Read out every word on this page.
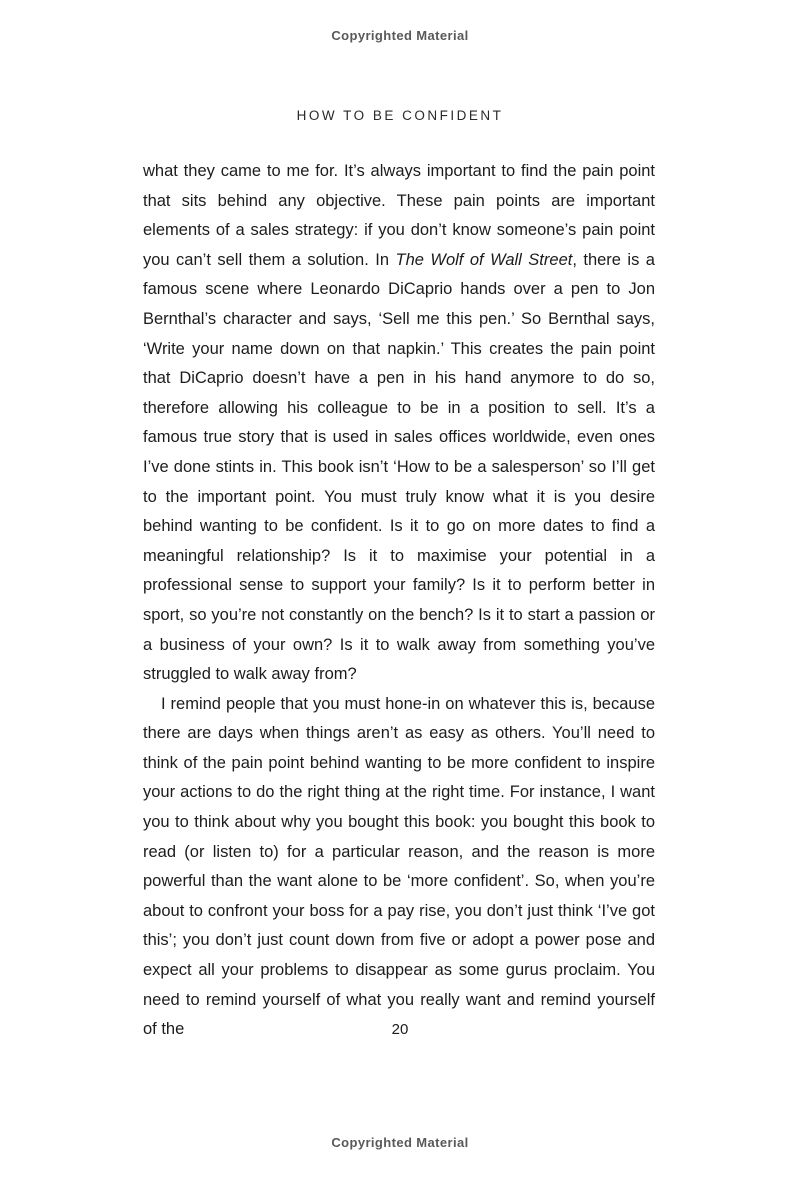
Copyrighted Material
HOW TO BE CONFIDENT

what they came to me for. It’s always important to find the pain point that sits behind any objective. These pain points are important elements of a sales strategy: if you don’t know someone’s pain point you can’t sell them a solution. In The Wolf of Wall Street, there is a famous scene where Leonardo DiCaprio hands over a pen to Jon Bernthal’s character and says, ‘Sell me this pen.’ So Bernthal says, ‘Write your name down on that napkin.’ This creates the pain point that DiCaprio doesn’t have a pen in his hand anymore to do so, therefore allowing his colleague to be in a position to sell. It’s a famous true story that is used in sales offices worldwide, even ones I’ve done stints in. This book isn’t ‘How to be a salesperson’ so I’ll get to the important point. You must truly know what it is you desire behind wanting to be confident. Is it to go on more dates to find a meaningful relationship? Is it to maximise your potential in a professional sense to support your family? Is it to perform better in sport, so you’re not constantly on the bench? Is it to start a passion or a business of your own? Is it to walk away from something you’ve struggled to walk away from?

I remind people that you must hone-in on whatever this is, because there are days when things aren’t as easy as others. You’ll need to think of the pain point behind wanting to be more confident to inspire your actions to do the right thing at the right time. For instance, I want you to think about why you bought this book: you bought this book to read (or listen to) for a particular reason, and the reason is more powerful than the want alone to be ‘more confident’. So, when you’re about to confront your boss for a pay rise, you don’t just think ‘I’ve got this’; you don’t just count down from five or adopt a power pose and expect all your problems to disappear as some gurus proclaim. You need to remind yourself of what you really want and remind yourself of the	20
Copyrighted Material
